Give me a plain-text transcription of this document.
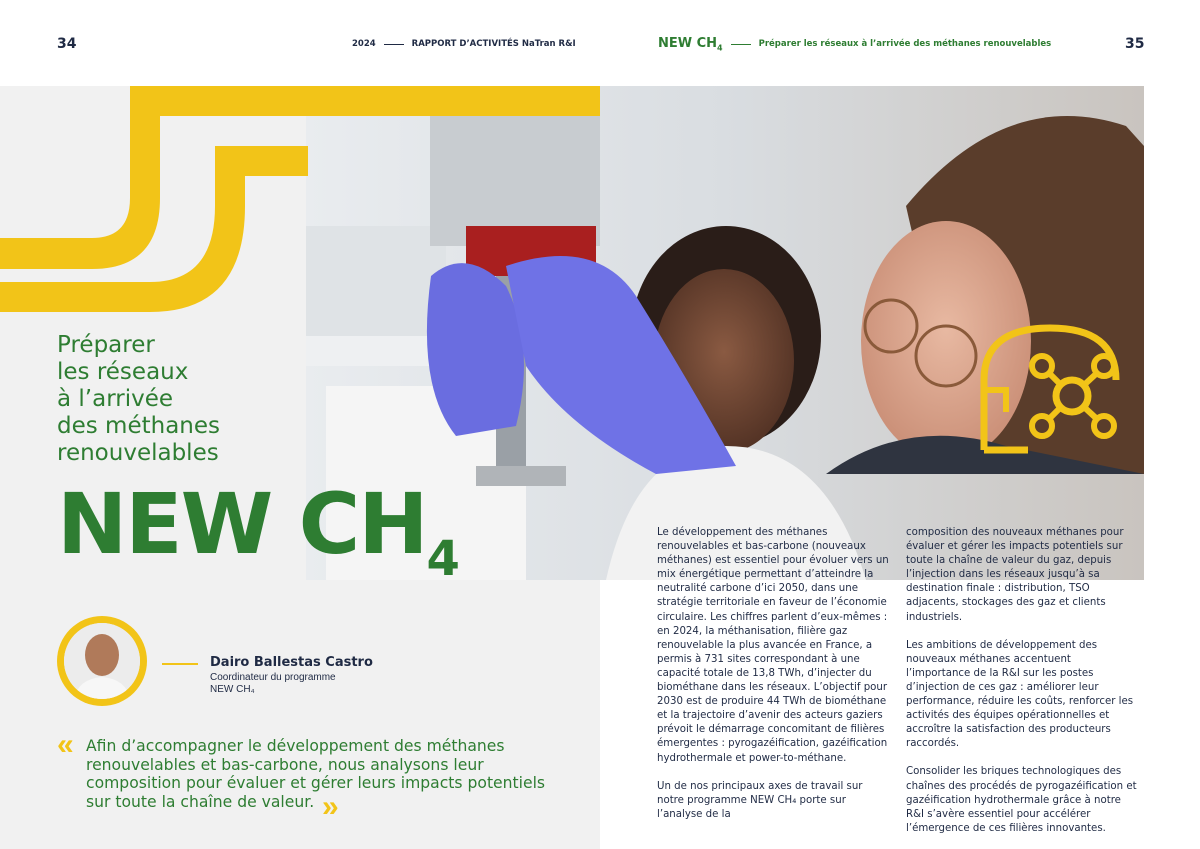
34	2024	RAPPORT D’ACTIVITÉS NaTran R&I	NEW $CH_4$	Préparer les réseaux à l’arrivée des méthanes renouvelables	35
Préparer
les réseaux
à l’arrivée
des méthanes
renouvelables
NEW $CH_4$
Dairo Ballestas Castro
Coordinateur du programme
NEW CH₄
« Afin d’accompagner le développement des méthanes renouvelables et bas-carbone, nous analysons leur composition pour évaluer et gérer leurs impacts potentiels sur toute la chaîne de valeur. »

Le développement des méthanes renouvelables et bas-carbone (nouveaux méthanes) est essentiel pour évoluer vers un mix énergétique permettant d’atteindre la neutralité carbone d’ici 2050, dans une stratégie territoriale en faveur de l’économie circulaire. Les chiffres parlent d’eux-mêmes : en 2024, la méthanisation, filière gaz renouvelable la plus avancée en France, a permis à 731 sites correspondant à une capacité totale de 13,8 TWh, d’injecter du biométhane dans les réseaux. L’objectif pour 2030 est de produire 44 TWh de biométhane et la trajectoire d’avenir des acteurs gaziers prévoit le démarrage concomitant de filières émergentes : pyrogazéification, gazéification hydrothermale et power-to-méthane.

Un de nos principaux axes de travail sur notre programme NEW CH₄ porte sur l’analyse de la

composition des nouveaux méthanes pour évaluer et gérer les impacts potentiels sur toute la chaîne de valeur du gaz, depuis l’injection dans les réseaux jusqu’à sa destination finale : distribution, TSO adjacents, stockages des gaz et clients industriels.

Les ambitions de développement des nouveaux méthanes accentuent l’importance de la R&I sur les postes d’injection de ces gaz : améliorer leur performance, réduire les coûts, renforcer les activités des équipes opérationnelles et accroître la satisfaction des producteurs raccordés.

Consolider les briques technologiques des chaînes des procédés de pyrogazéification et gazéification hydrothermale grâce à notre R&I s’avère essentiel pour accélérer l’émergence de ces filières innovantes.
